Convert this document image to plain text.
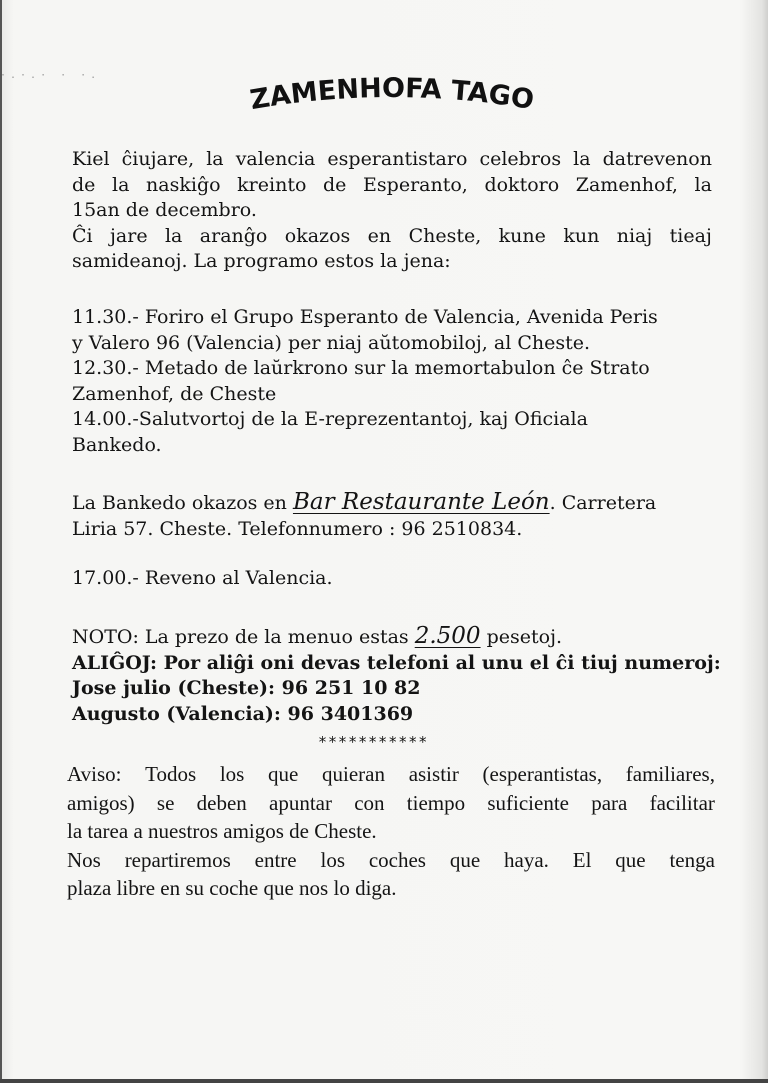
·.·.· · ·.
ZAMENHOFA TAGO
Kiel ĉiujare, la valencia esperantistaro celebros la datrevenon
de la naskiĝo kreinto de Esperanto, doktoro Zamenhof, la
15an de decembro.
Ĉi jare la aranĝo okazos en Cheste, kune kun niaj tieaj
samideanoj. La programo estos la jena:
11.30.- Foriro el Grupo Esperanto de Valencia, Avenida Peris
y Valero 96 (Valencia) per niaj aŭtomobiloj, al Cheste.
12.30.- Metado de laŭrkrono sur la memortabulon ĉe Strato
Zamenhof, de Cheste
14.00.-Salutvortoj de la E-reprezentantoj, kaj Oficiala
Bankedo.
La Bankedo okazos en Bar Restaurante León. Carretera
Liria 57. Cheste. Telefonnumero : 96 2510834.
17.00.- Reveno al Valencia.
NOTO: La prezo de la menuo estas 2.500 pesetoj.
ALIĜOJ: Por aliĝi oni devas telefoni al unu el ĉi tiuj numeroj:
Jose julio (Cheste): 96 251 10 82
Augusto (Valencia): 96 3401369
***********
Aviso: Todos los que quieran asistir (esperantistas, familiares,
amigos) se deben apuntar con tiempo suficiente para facilitar
la tarea a nuestros amigos de Cheste.
Nos repartiremos entre los coches que haya. El que tenga
plaza libre en su coche que nos lo diga.
